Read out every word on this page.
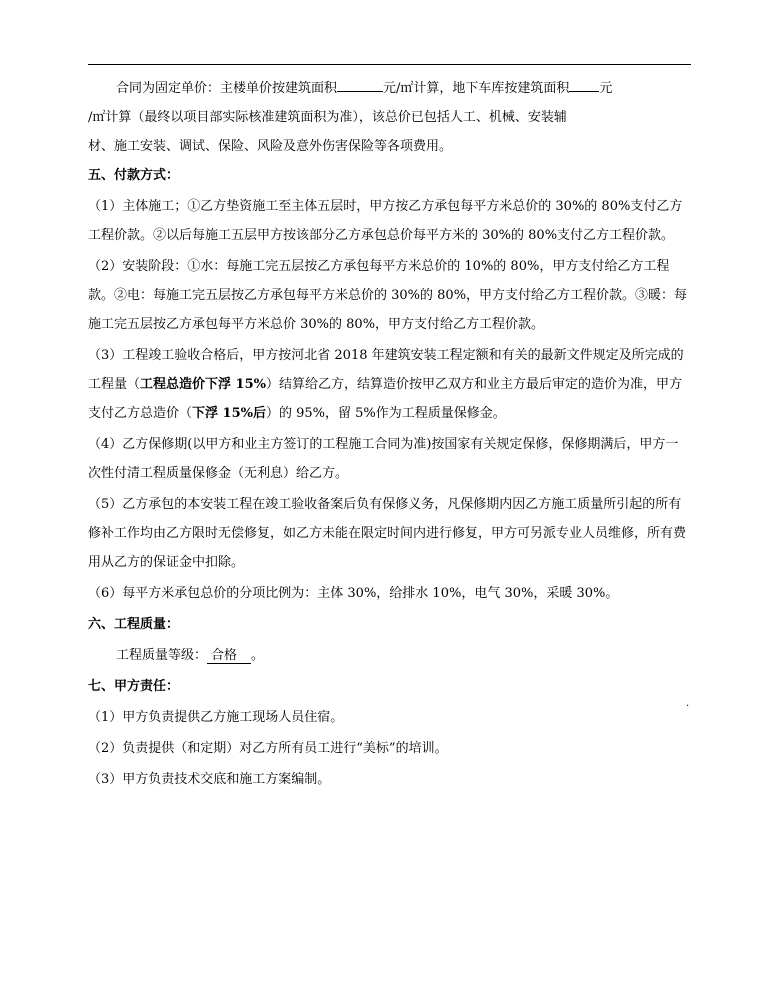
合同为固定单价：主楼单价按建筑面积	元/㎡计算，地下车库按建筑面积 元
/㎡计算（最终以项目部实际核准建筑面积为准），该总价已包括人工、机械、安装辅
材、施工安装、调试、保险、风险及意外伤害保险等各项费用。

五、付款方式：

（1）主体施工；①乙方垫资施工至主体五层时，甲方按乙方承包每平方米总价的 30%的 80%支付乙方工程价款。②以后每施工五层甲方按该部分乙方承包总价每平方米的 30%的 80%支付乙方工程价款。

（2）安装阶段：①水：每施工完五层按乙方承包每平方米总价的 10%的 80%，甲方支付给乙方工程款。②电：每施工完五层按乙方承包每平方米总价的 30%的 80%，甲方支付给乙方工程价款。③暖：每施工完五层按乙方承包每平方米总价 30%的 80%，甲方支付给乙方工程价款。

（3）工程竣工验收合格后，甲方按河北省 2018 年建筑安装工程定额和有关的最新文件规定及所完成的工程量（工程总造价下浮 15%）结算给乙方，结算造价按甲乙双方和业主方最后审定的造价为准，甲方支付乙方总造价（下浮 15%后）的 95%，留 5%作为工程质量保修金。

（4）乙方保修期(以甲方和业主方签订的工程施工合同为准)按国家有关规定保修，保修期满后，甲方一次性付清工程质量保修金（无利息）给乙方。

（5）乙方承包的本安装工程在竣工验收备案后负有保修义务，凡保修期内因乙方施工质量所引起的所有修补工作均由乙方限时无偿修复，如乙方未能在限定时间内进行修复，甲方可另派专业人员维修，所有费用从乙方的保证金中扣除。

（6）每平方米承包总价的分项比例为：主体 30%，给排水 10%，电气 30%，采暖 30%。

六、工程质量：

工程质量等级： 合格 。

七、甲方责任：

（1）甲方负责提供乙方施工现场人员住宿。

（2）负责提供（和定期）对乙方所有员工进行“美标”的培训。

（3）甲方负责技术交底和施工方案编制。

.
